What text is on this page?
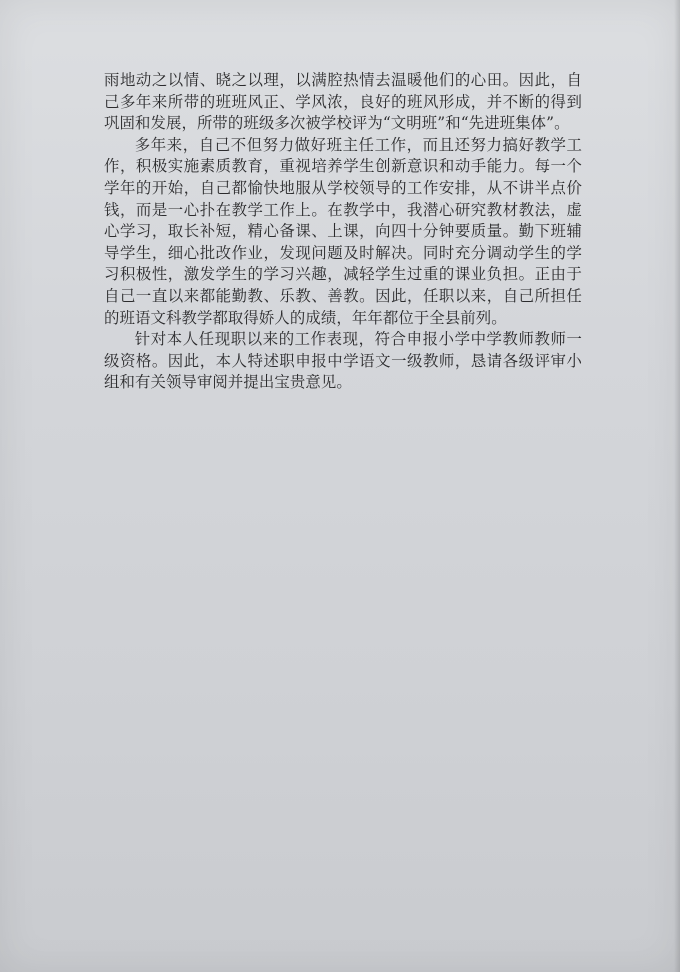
雨地动之以情、晓之以理，以满腔热情去温暖他们的心田。因此，自己多年来所带的班班风正、学风浓，良好的班风形成，并不断的得到巩固和发展，所带的班级多次被学校评为“文明班”和“先进班集体”。

多年来，自己不但努力做好班主任工作，而且还努力搞好教学工作，积极实施素质教育，重视培养学生创新意识和动手能力。每一个学年的开始，自己都愉快地服从学校领导的工作安排，从不讲半点价钱，而是一心扑在教学工作上。在教学中，我潜心研究教材教法，虚心学习，取长补短，精心备课、上课，向四十分钟要质量。勤下班辅导学生，细心批改作业，发现问题及时解决。同时充分调动学生的学习积极性，激发学生的学习兴趣，减轻学生过重的课业负担。正由于自己一直以来都能勤教、乐教、善教。因此，任职以来，自己所担任的班语文科教学都取得娇人的成绩，年年都位于全县前列。

针对本人任现职以来的工作表现，符合申报小学中学教师教师一级资格。因此，本人特述职申报中学语文一级教师，恳请各级评审小组和有关领导审阅并提出宝贵意见。
